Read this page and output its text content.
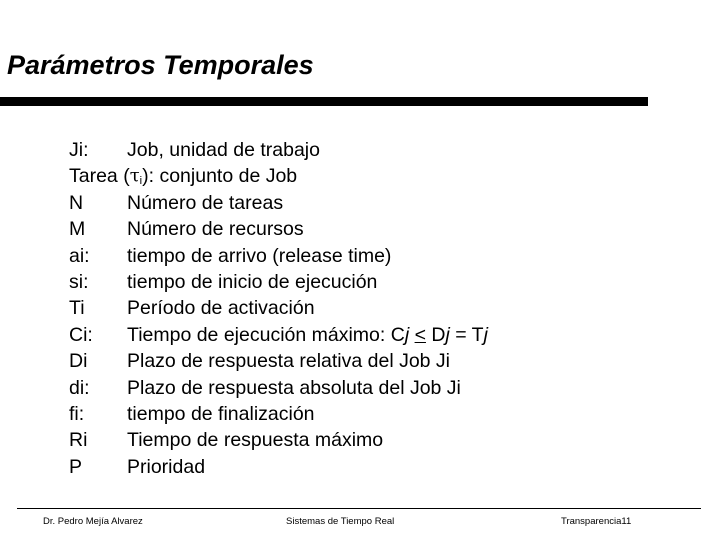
Parámetros Temporales
Ji:	Job, unidad de trabajo
Tarea ( τ i ): conjunto de Job
N	Número de tareas
M	Número de recursos
ai:	tiempo de arrivo (release time)
si:	tiempo de inicio de ejecución
Ti	Período de activación
Ci:	Tiempo de ejecución máximo: Cj ≤ Dj = Tj
Di	Plazo de respuesta relativa del Job Ji
di:	Plazo de respuesta absoluta del Job Ji
fi:	tiempo de finalización
Ri	Tiempo de respuesta máximo
P	Prioridad
Dr. Pedro Mejía Alvarez	Sistemas de Tiempo Real	Transparencia11
